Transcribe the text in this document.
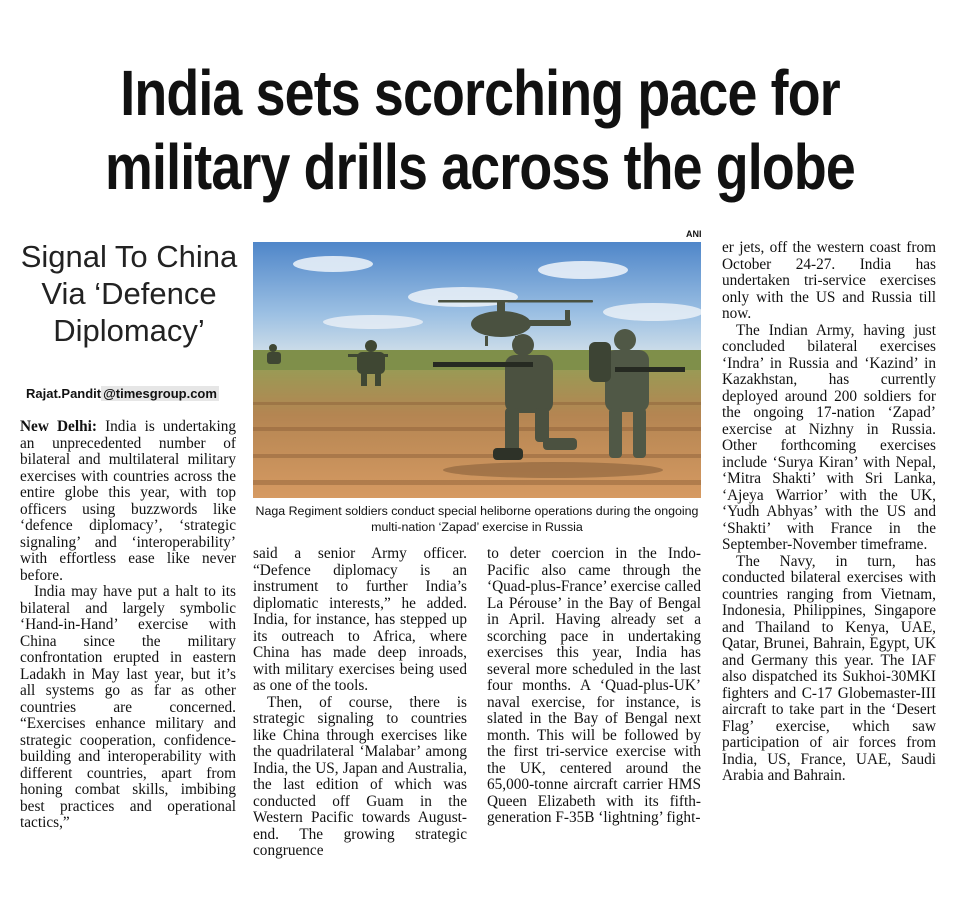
India sets scorching pace for
military drills across the globe
Signal To China
Via ‘Defence
Diplomacy’
Rajat.Pandit @timesgroup.com
ANI
Naga Regiment soldiers conduct special heliborne operations during the ongoing multi-nation ‘Zapad’ exercise in Russia

New Delhi: India is undertaking an unprecedented number of bilateral and multilateral military exercises with countries across the entire globe this year, with top officers using buzzwords like ‘defence diplomacy’, ‘strategic signaling’ and ‘interoperability’ with effortless ease like never before.

India may have put a halt to its bilateral and largely symbolic ‘Hand-in-Hand’ exercise with China since the military confrontation erupted in eastern Ladakh in May last year, but it’s all systems go as far as other countries are concerned. “Exercises enhance military and strategic cooperation, confidence-building and interoperability with different countries, apart from honing combat skills, imbibing best practices and operational tactics,”

said a senior Army officer. “Defence diplomacy is an instrument to further India’s diplomatic interests,” he added. India, for instance, has stepped up its outreach to Africa, where China has made deep inroads, with military exercises being used as one of the tools.

Then, of course, there is strategic signaling to countries like China through exercises like the quadrilateral ‘Malabar’ among India, the US, Japan and Australia, the last edition of which was conducted off Guam in the Western Pacific towards August-end. The growing strategic congruence

to deter coercion in the Indo-Pacific also came through the ‘Quad-plus-France’ exercise called La Pérouse’ in the Bay of Bengal in April. Having already set a scorching pace in undertaking exercises this year, India has several more scheduled in the last four months. A ‘Quad-plus-UK’ naval exercise, for instance, is slated in the Bay of Bengal next month. This will be followed by the first tri-service exercise with the UK, centered around the 65,000-tonne aircraft carrier HMS Queen Elizabeth with its fifth-generation F-35B ‘lightning’ fight-

er jets, off the western coast from October 24-27. India has undertaken tri-service exercises only with the US and Russia till now.

The Indian Army, having just concluded bilateral exercises ‘Indra’ in Russia and ‘Kazind’ in Kazakhstan, has currently deployed around 200 soldiers for the ongoing 17-nation ‘Zapad’ exercise at Nizhny in Russia. Other forthcoming exercises include ‘Surya Kiran’ with Nepal, ‘Mitra Shakti’ with Sri Lanka, ‘Ajeya Warrior’ with the UK, ‘Yudh Abhyas’ with the US and ‘Shakti’ with France in the September-November timeframe.

The Navy, in turn, has conducted bilateral exercises with countries ranging from Vietnam, Indonesia, Philippines, Singapore and Thailand to Kenya, UAE, Qatar, Brunei, Bahrain, Egypt, UK and Germany this year. The IAF also dispatched its Sukhoi-30MKI fighters and C-17 Globemaster-III aircraft to take part in the ‘Desert Flag’ exercise, which saw participation of air forces from India, US, France, UAE, Saudi Arabia and Bahrain.
